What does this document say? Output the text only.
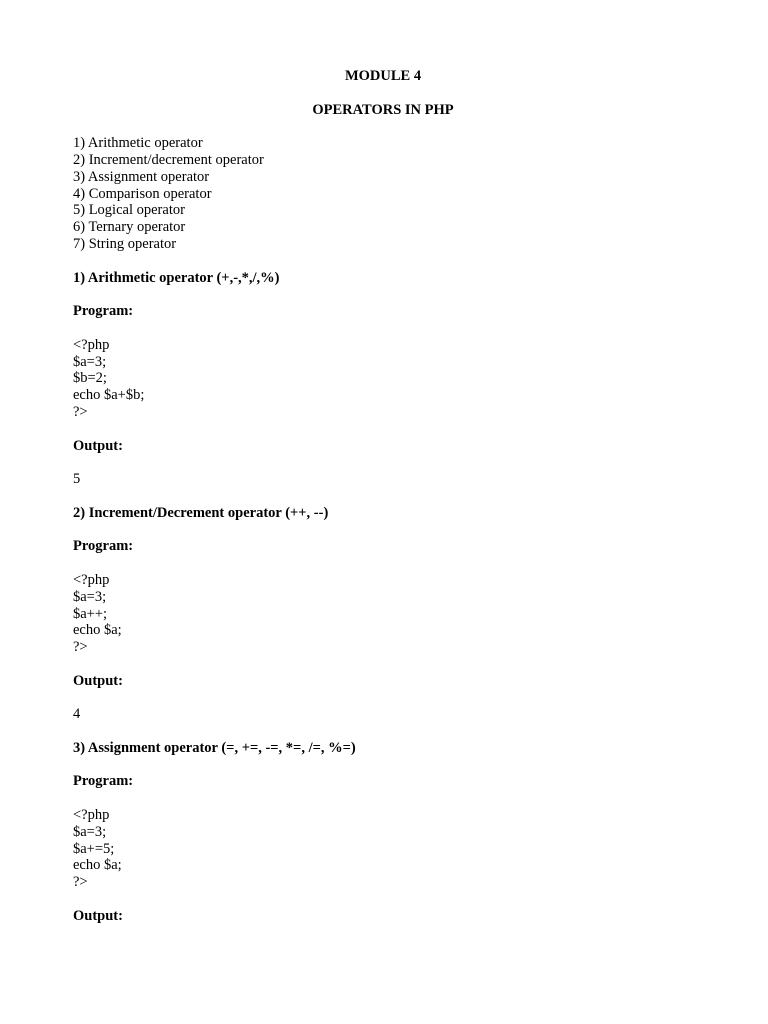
MODULE 4
OPERATORS IN PHP
1) Arithmetic operator
2) Increment/decrement operator
3) Assignment operator
4) Comparison operator
5) Logical operator
6) Ternary operator
7) String operator
1) Arithmetic operator (+,-,*,/,%)
Program:
<?php
$a=3;
$b=2;
echo $a+$b;
?>
Output:
5
2) Increment/Decrement operator (++, --)
Program:
<?php
$a=3;
$a++;
echo $a;
?>
Output:
4
3) Assignment operator (=, +=, -=, *=, /=, %=)
Program:
<?php
$a=3;
$a+=5;
echo $a;
?>
Output:
